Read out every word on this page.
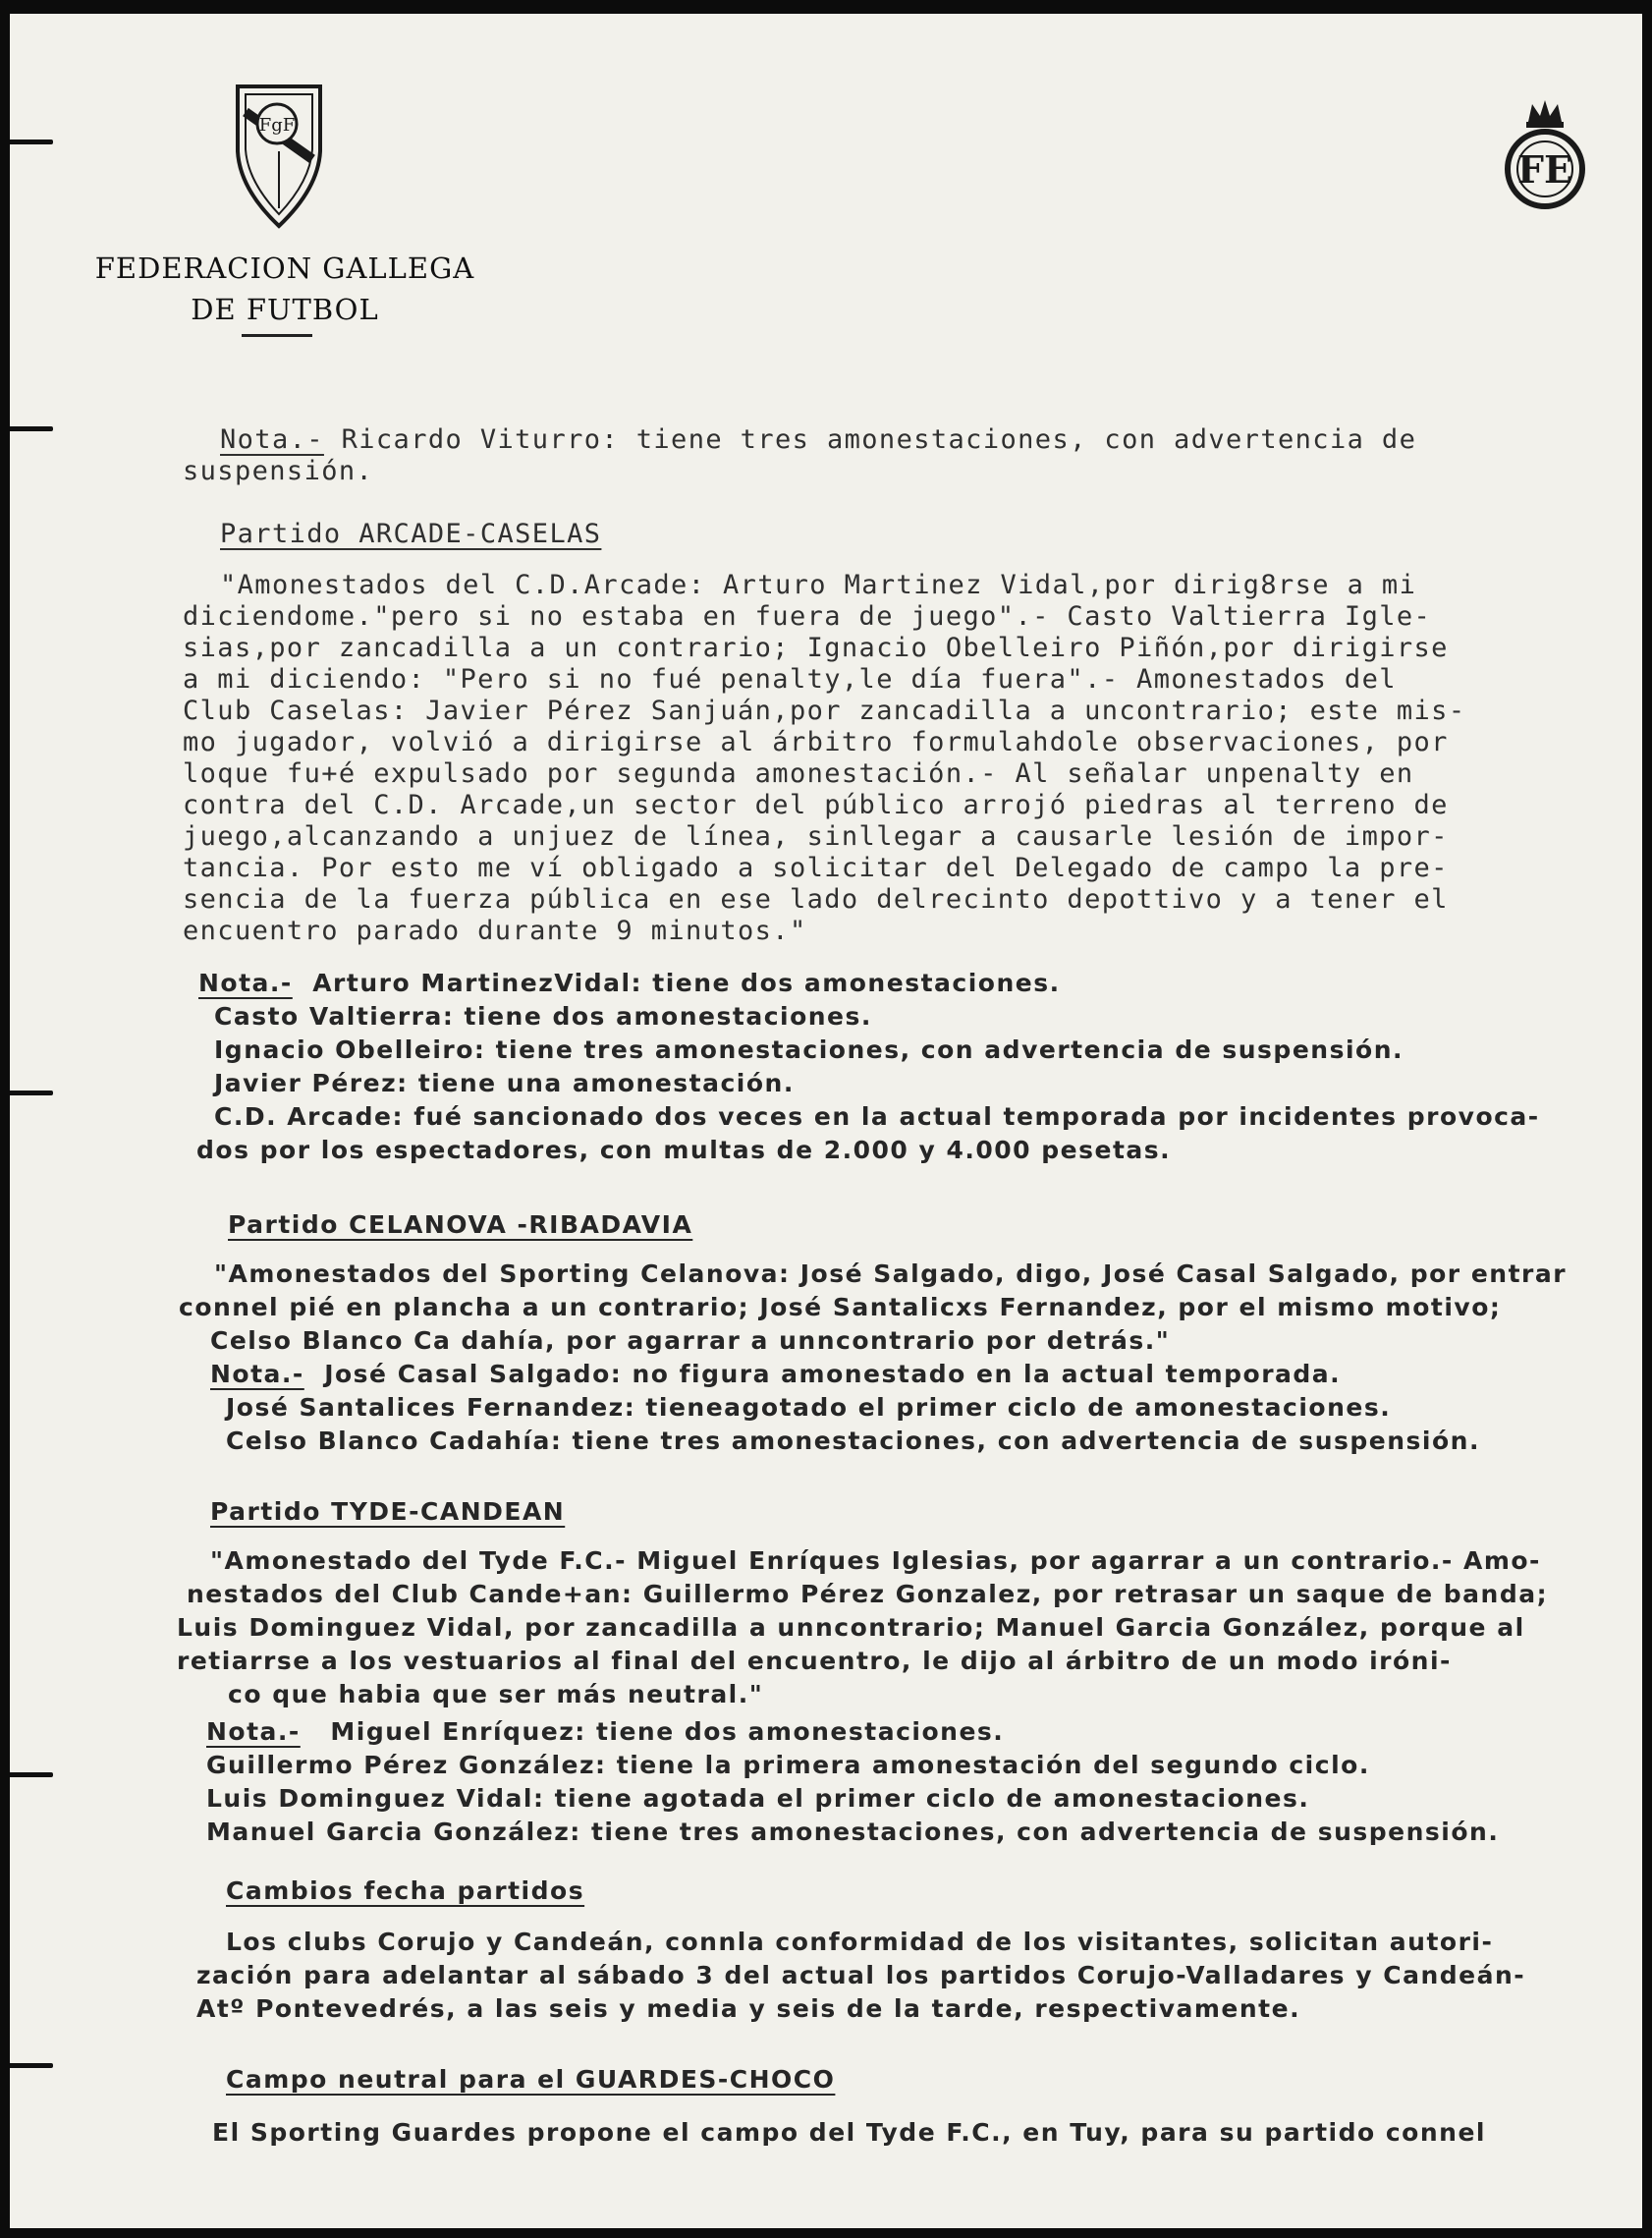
FgF
FE
FEDERACION GALLEGA
DE FUTBOL
Nota.- Ricardo Viturro: tiene tres amonestaciones, con advertencia de
suspensión.
Partido ARCADE-CASELAS
"Amonestados del C.D.Arcade: Arturo Martinez Vidal,por dirig8rse a mi
diciendome."pero si no estaba en fuera de juego".- Casto Valtierra Igle-
sias,por zancadilla a un contrario; Ignacio Obelleiro Piñón,por dirigirse
a mi diciendo: "Pero si no fué penalty,le día fuera".- Amonestados del
Club Caselas: Javier Pérez Sanjuán,por zancadilla a uncontrario; este mis-
mo jugador, volvió a dirigirse al árbitro formulahdole observaciones, por
loque fu+é expulsado por segunda amonestación.- Al señalar unpenalty en
contra del C.D. Arcade,un sector del público arrojó piedras al terreno de
juego,alcanzando a unjuez de línea, sinllegar a causarle lesión de impor-
tancia. Por esto me ví obligado a solicitar del Delegado de campo la pre-
sencia de la fuerza pública en ese lado delrecinto depottivo y a tener el
encuentro parado durante 9 minutos."
Nota.-  Arturo MartinezVidal: tiene dos amonestaciones.
Casto Valtierra: tiene dos amonestaciones.
Ignacio Obelleiro: tiene tres amonestaciones, con advertencia de suspensión.
Javier Pérez: tiene una amonestación.
C.D. Arcade: fué sancionado dos veces en la actual temporada por incidentes provoca-
dos por los espectadores, con multas de 2.000 y 4.000 pesetas.
Partido CELANOVA -RIBADAVIA
"Amonestados del Sporting Celanova: José Salgado, digo, José Casal Salgado, por entrar
connel pié en plancha a un contrario; José Santalicxs Fernandez, por el mismo motivo;
Celso Blanco Ca dahía, por agarrar a unncontrario por detrás."
Nota.-  José Casal Salgado: no figura amonestado en la actual temporada.
José Santalices Fernandez: tieneagotado el primer ciclo de amonestaciones.
Celso Blanco Cadahía: tiene tres amonestaciones, con advertencia de suspensión.
Partido TYDE-CANDEAN
"Amonestado del Tyde F.C.- Miguel Enríques Iglesias, por agarrar a un contrario.- Amo-
nestados del Club Cande+an: Guillermo Pérez Gonzalez, por retrasar un saque de banda;
Luis Dominguez Vidal, por zancadilla a unncontrario; Manuel Garcia González, porque al
retiarrse a los vestuarios al final del encuentro, le dijo al árbitro de un modo iróni-
co que habia que ser más neutral."
Nota.-   Miguel Enríquez: tiene dos amonestaciones.
Guillermo Pérez González: tiene la primera amonestación del segundo ciclo.
Luis Dominguez Vidal: tiene agotada el primer ciclo de amonestaciones.
Manuel Garcia González: tiene tres amonestaciones, con advertencia de suspensión.
Cambios fecha partidos
Los clubs Corujo y Candeán, connla conformidad de los visitantes, solicitan autori-
zación para adelantar al sábado 3 del actual los partidos Corujo-Valladares y Candeán-
Atº Pontevedrés, a las seis y media y seis de la tarde, respectivamente.
Campo neutral para el GUARDES-CHOCO
El Sporting Guardes propone el campo del Tyde F.C., en Tuy, para su partido connel
